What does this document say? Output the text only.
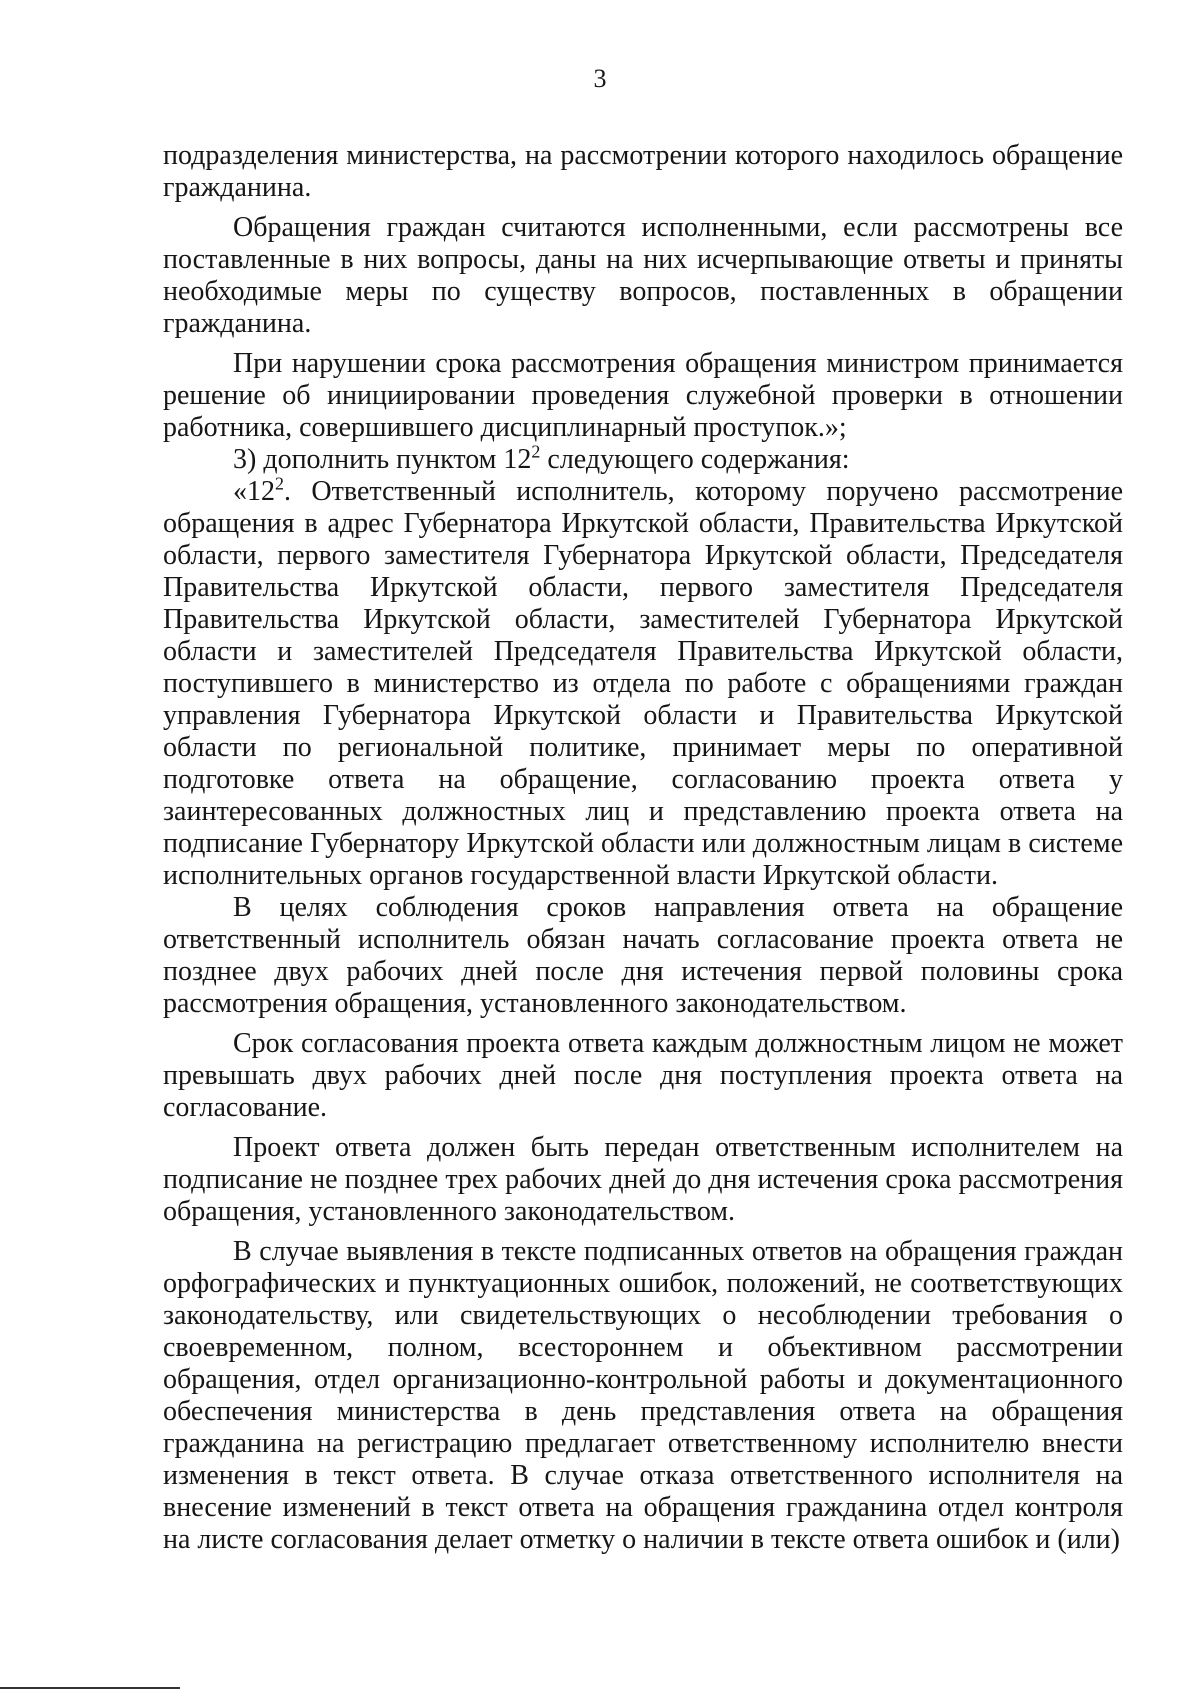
3

подразделения министерства, на рассмотрении которого находилось обращение гражданина.

Обращения граждан считаются исполненными, если рассмотрены все поставленные в них вопросы, даны на них исчерпывающие ответы и приняты необходимые меры по существу вопросов, поставленных в обращении гражданина.

При нарушении срока рассмотрения обращения министром принимается решение об инициировании проведения служебной проверки в отношении работника, совершившего дисциплинарный проступок.»;

3) дополнить пунктом $12^2$ следующего содержания:

«$12^2$. Ответственный исполнитель, которому поручено рассмотрение обращения в адрес Губернатора Иркутской области, Правительства Иркутской области, первого заместителя Губернатора Иркутской области, Председателя Правительства Иркутской области, первого заместителя Председателя Правительства Иркутской области, заместителей Губернатора Иркутской области и заместителей Председателя Правительства Иркутской области, поступившего в министерство из отдела по работе с обращениями граждан управления Губернатора Иркутской области и Правительства Иркутской области по региональной политике, принимает меры по оперативной подготовке ответа на обращение, согласованию проекта ответа у заинтересованных должностных лиц и представлению проекта ответа на подписание Губернатору Иркутской области или должностным лицам в системе исполнительных органов государственной власти Иркутской области.

В целях соблюдения сроков направления ответа на обращение ответственный исполнитель обязан начать согласование проекта ответа не позднее двух рабочих дней после дня истечения первой половины срока рассмотрения обращения, установленного законодательством.

Срок согласования проекта ответа каждым должностным лицом не может превышать двух рабочих дней после дня поступления проекта ответа на согласование.

Проект ответа должен быть передан ответственным исполнителем на подписание не позднее трех рабочих дней до дня истечения срока рассмотрения обращения, установленного законодательством.

В случае выявления в тексте подписанных ответов на обращения граждан орфографических и пунктуационных ошибок, положений, не соответствующих законодательству, или свидетельствующих о несоблюдении требования о своевременном, полном, всестороннем и объективном рассмотрении обращения, отдел организационно-контрольной работы и документационного обеспечения министерства в день представления ответа на обращения гражданина на регистрацию предлагает ответственному исполнителю внести изменения в текст ответа. В случае отказа ответственного исполнителя на внесение изменений в текст ответа на обращения гражданина отдел контроля на листе согласования делает отметку о наличии в тексте ответа ошибок и (или)
